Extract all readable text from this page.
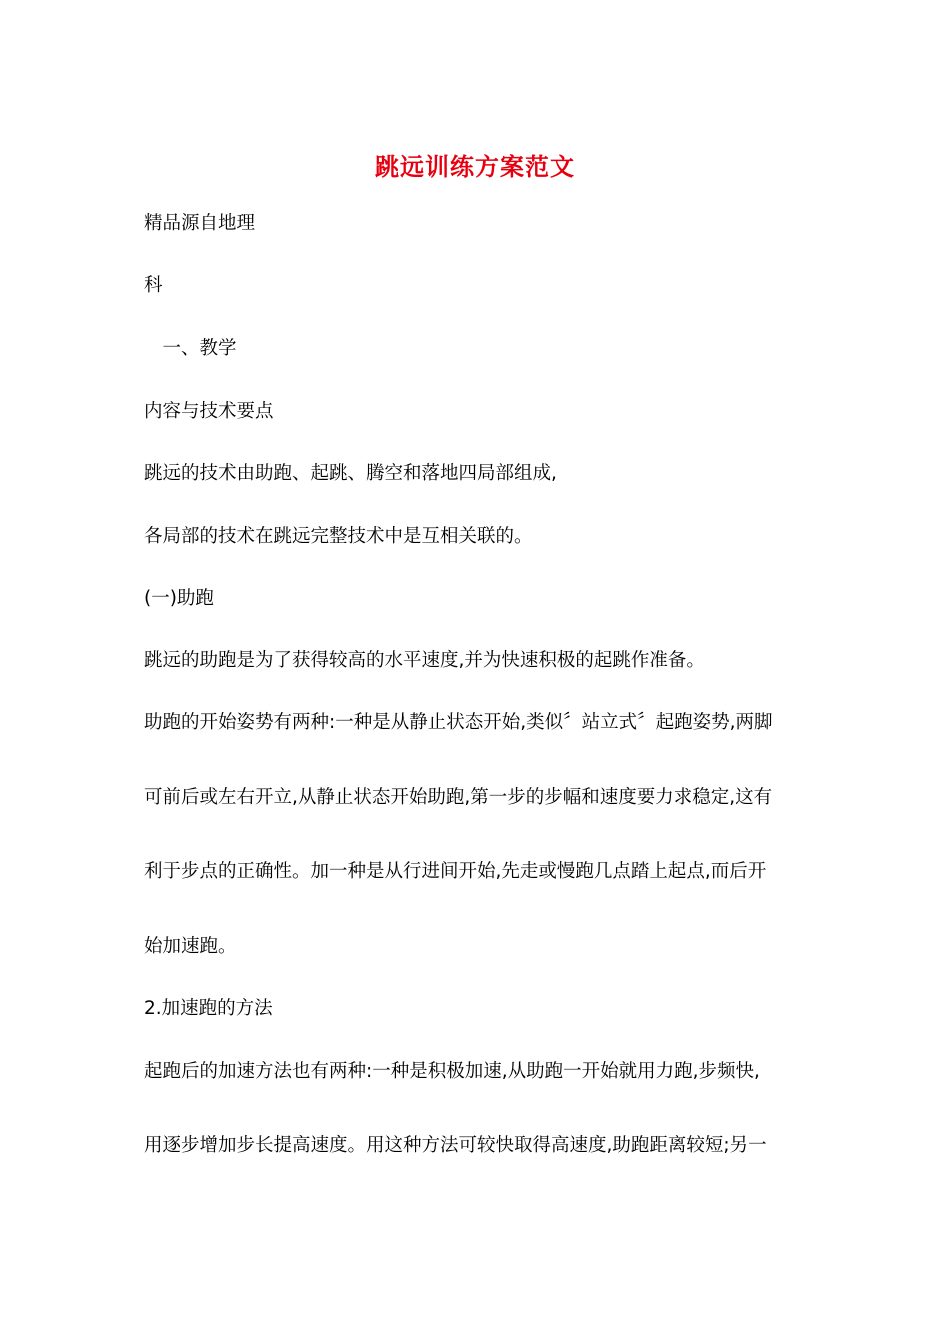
跳远训练方案范文
精品源自地理
科
　一、教学
内容与技术要点
跳远的技术由助跑、起跳、腾空和落地四局部组成,
各局部的技术在跳远完整技术中是互相关联的。
(一)助跑
跳远的助跑是为了获得较高的水平速度,并为快速积极的起跳作准备。
助跑的开始姿势有两种:一种是从静止状态开始,类似〞站立式〞起跑姿势,两脚
可前后或左右开立,从静止状态开始助跑,第一步的步幅和速度要力求稳定,这有
利于步点的正确性。加一种是从行进间开始,先走或慢跑几点踏上起点,而后开
始加速跑。
2.加速跑的方法
起跑后的加速方法也有两种:一种是积极加速,从助跑一开始就用力跑,步频快,
用逐步增加步长提高速度。用这种方法可较快取得高速度,助跑距离较短;另一
